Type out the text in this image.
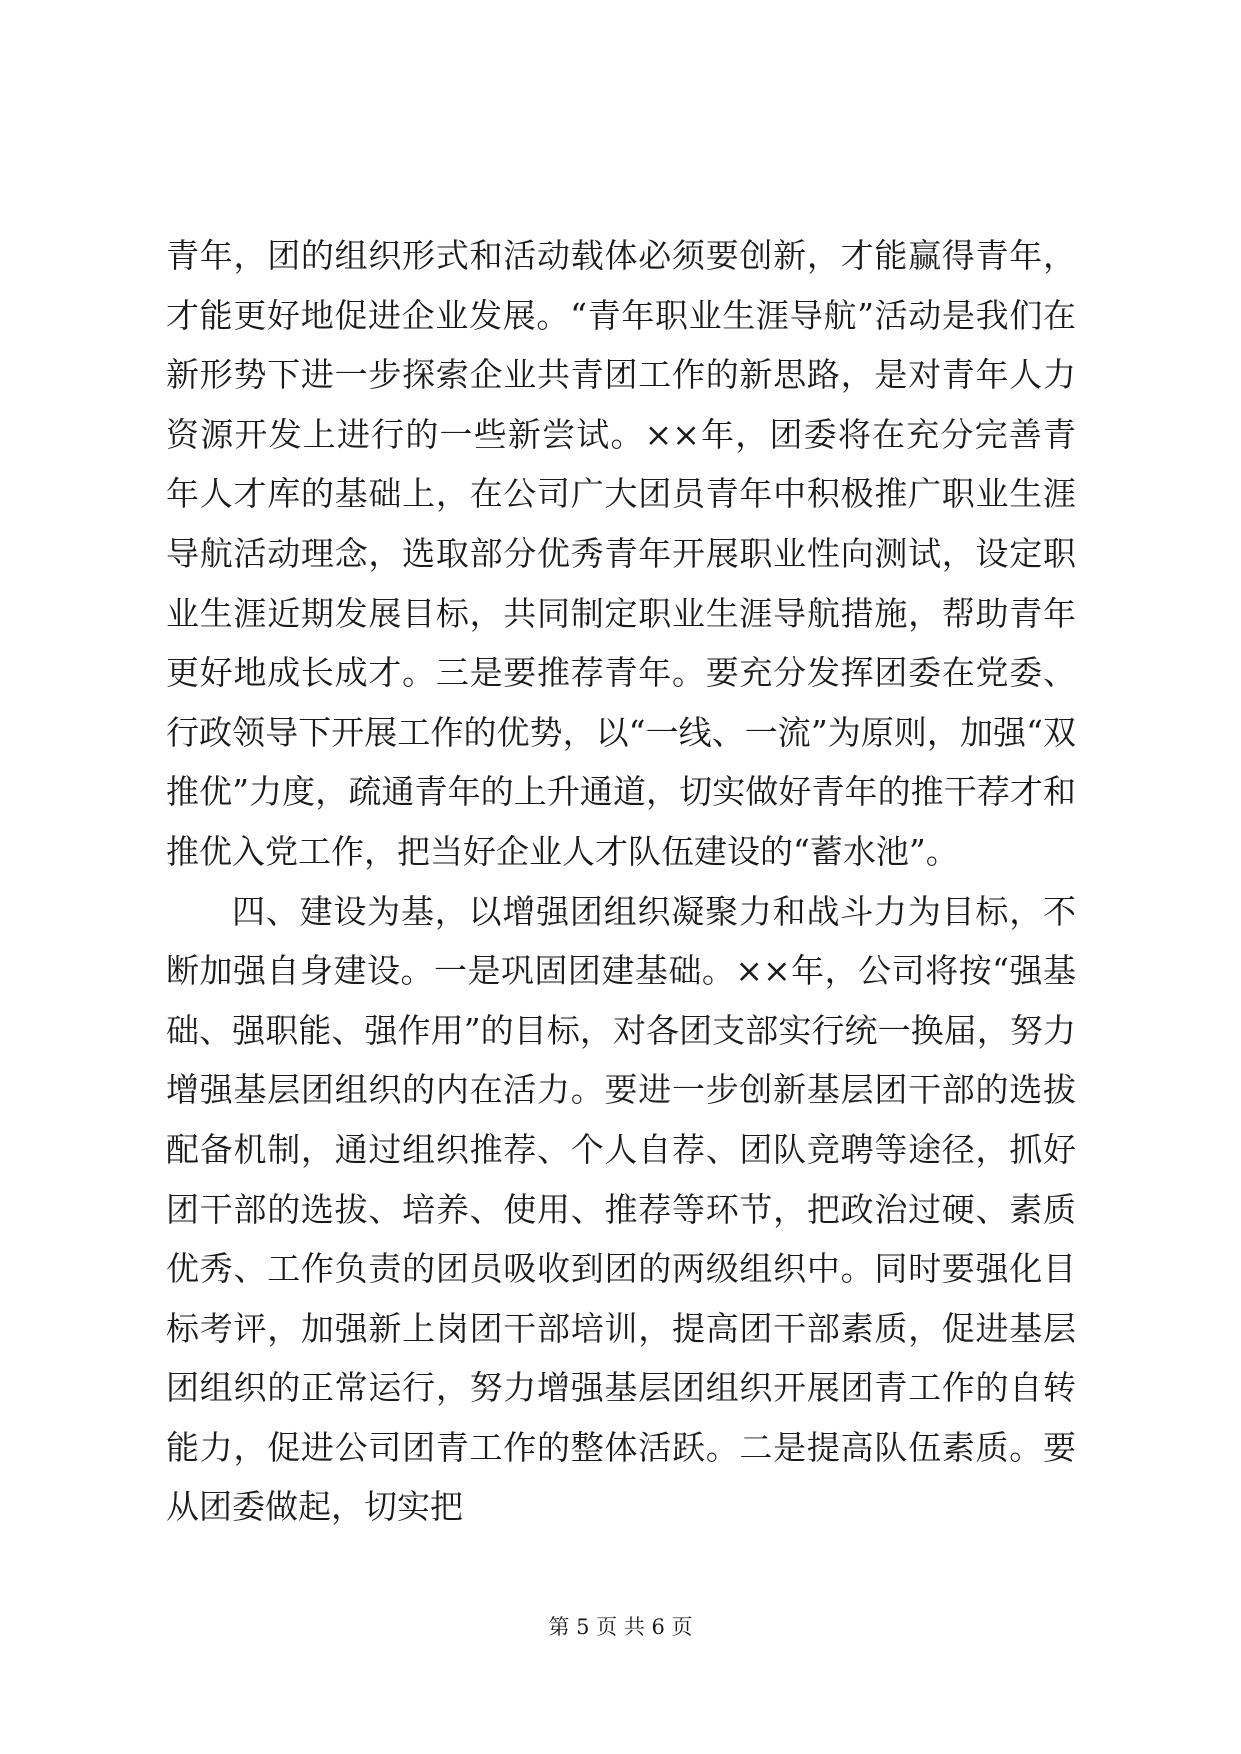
青年，团的组织形式和活动载体必须要创新，才能赢得青年，才能更好地促进企业发展。“青年职业生涯导航”活动是我们在新形势下进一步探索企业共青团工作的新思路，是对青年人力资源开发上进行的一些新尝试。××年，团委将在充分完善青年人才库的基础上，在公司广大团员青年中积极推广职业生涯导航活动理念，选取部分优秀青年开展职业性向测试，设定职业生涯近期发展目标，共同制定职业生涯导航措施，帮助青年更好地成长成才。三是要推荐青年。要充分发挥团委在党委、行政领导下开展工作的优势，以“一线、一流”为原则，加强“双推优”力度，疏通青年的上升通道，切实做好青年的推干荐才和推优入党工作，把当好企业人才队伍建设的“蓄水池”。

四、建设为基，以增强团组织凝聚力和战斗力为目标，不断加强自身建设。一是巩固团建基础。××年，公司将按“强基础、强职能、强作用”的目标，对各团支部实行统一换届，努力增强基层团组织的内在活力。要进一步创新基层团干部的选拔配备机制，通过组织推荐、个人自荐、团队竞聘等途径，抓好团干部的选拔、培养、使用、推荐等环节，把政治过硬、素质优秀、工作负责的团员吸收到团的两级组织中。同时要强化目标考评，加强新上岗团干部培训，提高团干部素质，促进基层团组织的正常运行，努力增强基层团组织开展团青工作的自转能力，促进公司团青工作的整体活跃。二是提高队伍素质。要从团委做起，切实把

第 5 页 共 6 页
